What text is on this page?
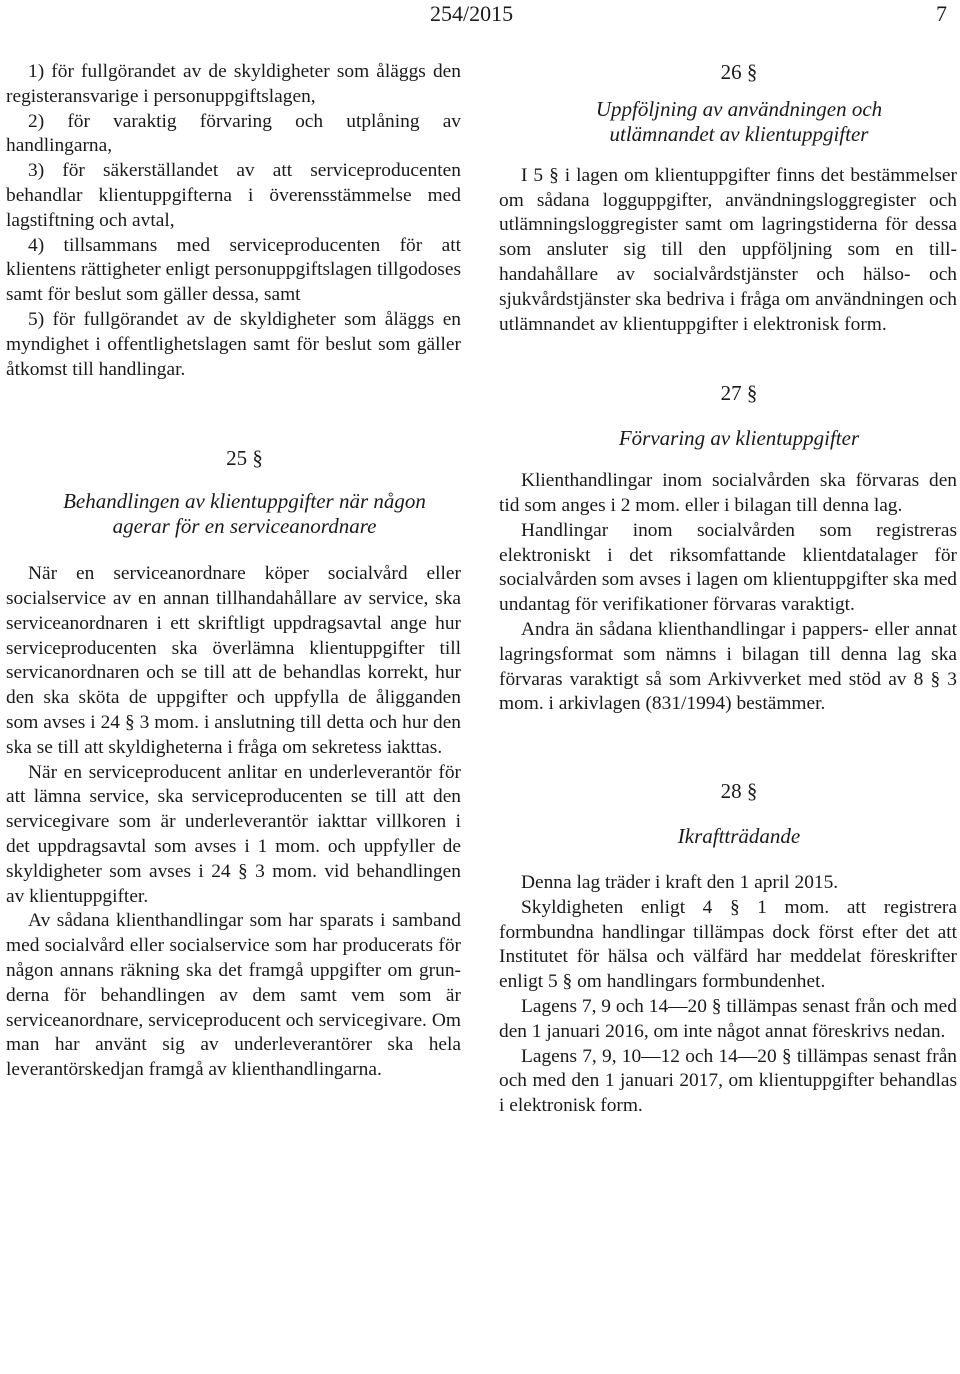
254/2015	7

1) för fullgörandet av de skyldigheter som åläggs den registeransvarige i personuppgiftslagen,

2) för varaktig förvaring och utplåning av handlingarna,

3) för säkerställandet av att serviceproducenten behandlar klientuppgifterna i överensstämmelse med lagstiftning och avtal,

4) tillsammans med serviceproducenten för att klientens rättigheter enligt personuppgiftslagen tillgodoses samt för beslut som gäller dessa, samt

5) för fullgörandet av de skyldigheter som åläggs en myndighet i offentlighetslagen samt för beslut som gäller åtkomst till handlingar.

25 §

Behandlingen av klientuppgifter när någon
agerar för en serviceanordnare

När en serviceanordnare köper socialvård eller socialservice av en annan tillhandahållare av service, ska serviceanordnaren i ett skriftligt uppdragsavtal ange hur serviceproducenten ska överlämna klientuppgifter till servicanordnaren och se till att de behandlas korrekt, hur den ska sköta de uppgifter och uppfylla de åligganden som avses i 24 § 3 mom. i anslutning till detta och hur den ska se till att skyldigheterna i fråga om sekretess iakttas.

När en serviceproducent anlitar en underleverantör för att lämna service, ska serviceproducenten se till att den servicegivare som är underleverantör iakttar villkoren i det uppdragsavtal som avses i 1 mom. och uppfyller de skyldigheter som avses i 24 § 3 mom. vid behandlingen av klientuppgifter.

Av sådana klienthandlingar som har sparats i samband med socialvård eller socialservice som har producerats för någon annans räkning ska det framgå uppgifter om grunderna för behandlingen av dem samt vem som är serviceanordnare, serviceproducent och servicegivare. Om man har använt sig av underleverantörer ska hela leverantörskedjan framgå av klienthandlingarna.

26 §

Uppföljning av användningen och
utlämnandet av klientuppgifter

I 5 § i lagen om klientuppgifter finns det bestämmelser om sådana logguppgifter, användningsloggregister och utlämningsloggregister samt om lagringstiderna för dessa som ansluter sig till den uppföljning som en tillhandahållare av socialvårdstjänster och hälso- och sjukvårdstjänster ska bedriva i fråga om användningen och utlämnandet av klientuppgifter i elektronisk form.

27 §

Förvaring av klientuppgifter

Klienthandlingar inom socialvården ska förvaras den tid som anges i 2 mom. eller i bilagan till denna lag.

Handlingar inom socialvården som registreras elektroniskt i det riksomfattande klientdatalager för socialvården som avses i lagen om klientuppgifter ska med undantag för verifikationer förvaras varaktigt.

Andra än sådana klienthandlingar i pappers- eller annat lagringsformat som nämns i bilagan till denna lag ska förvaras varaktigt så som Arkivverket med stöd av 8 § 3 mom. i arkivlagen (831/1994) bestämmer.

28 §

Ikraftträdande

Denna lag träder i kraft den 1 april 2015.

Skyldigheten enligt 4 § 1 mom. att registrera formbundna handlingar tillämpas dock först efter det att Institutet för hälsa och välfärd har meddelat föreskrifter enligt 5 § om handlingars formbundenhet.

Lagens 7, 9 och 14—20 § tillämpas senast från och med den 1 januari 2016, om inte något annat föreskrivs nedan.

Lagens 7, 9, 10—12 och 14—20 § tillämpas senast från och med den 1 januari 2017, om klientuppgifter behandlas i elektronisk form.
